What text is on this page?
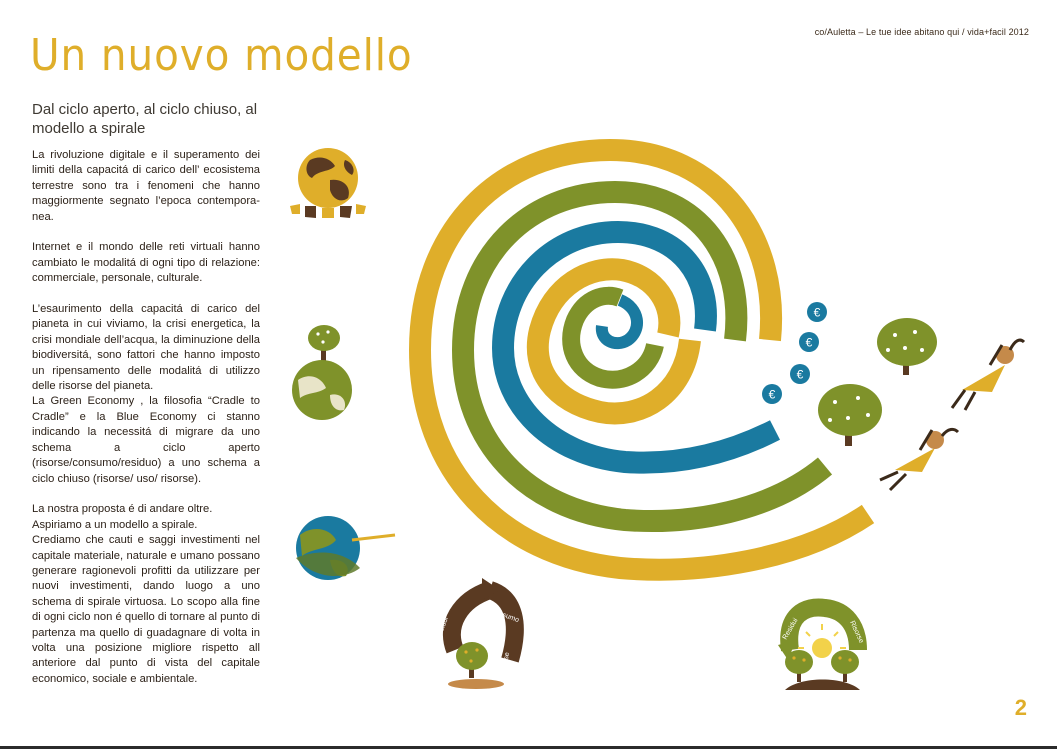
Un nuovo modello	co/Auletta – Le tue idee abitano qui / vida+facil 2012
Dal ciclo aperto, al ciclo chiuso, al modello a spirale

La rivoluzione digitale e il superamento dei limiti della capacitá di carico dell’ ecosistema terrestre sono tra i fenomeni che hanno maggiormente segnato l’epoca contempora-nea.

Internet e il mondo delle reti virtuali hanno cambiato le modalitá di ogni tipo di relazione: commerciale, personale, culturale.

L’esaurimento della capacitá di carico del pianeta in cui viviamo, la crisi energetica, la crisi mondiale dell’acqua, la diminuzione della biodiversitá, sono fattori che hanno imposto un ripensamento delle modalitá di utilizzo delle risorse del pianeta.

La Green Economy , la filosofia “Cradle to Cradle” e la Blue Economy ci stanno indicando la necessitá di migrare da uno schema a ciclo aperto (risorse/consumo/residuo) a uno schema a ciclo chiuso (risorse/ uso/ risorse).

La nostra proposta é di andare oltre.

Aspiriamo a un modello a spirale.

Crediamo che cauti e saggi investimenti nel capitale materiale, naturale e umano possano generare ragionevoli profitti da utilizzare per nuovi investimenti, dando luogo a uno schema di spirale virtuosa. Lo scopo alla fine di ogni ciclo non é quello di tornare al punto di partenza ma quello di guadagnare di volta in volta una posizione migliore rispetto all anteriore dal punto di vista del capitale economico, sociale e ambientale.

€
€
€
€
Residui
Consumo
Risorse
Residui	Risorse
2
